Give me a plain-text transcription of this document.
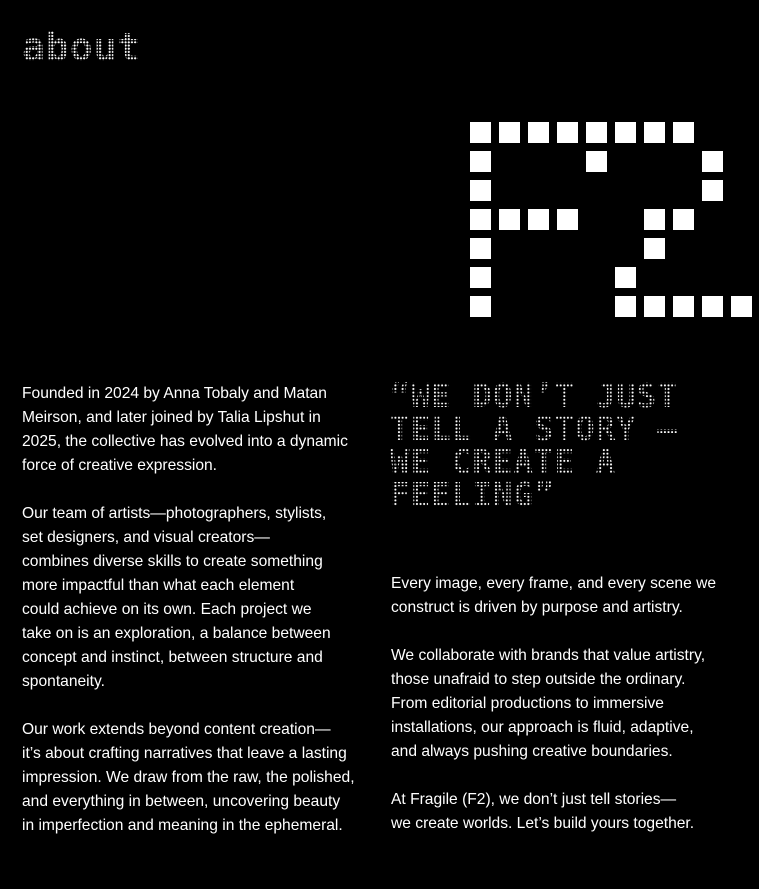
about

Founded in 2024 by Anna Tobaly and Matan
Meirson, and later joined by Talia Lipshut in
2025, the collective has evolved into a dynamic
force of creative expression.

Our team of artists—photographers, stylists,
set designers, and visual creators—
combines diverse skills to create something
more impactful than what each element
could achieve on its own. Each project we
take on is an exploration, a balance between
concept and instinct, between structure and
spontaneity.

Our work extends beyond content creation—
it’s about crafting narratives that leave a lasting
impression. We draw from the raw, the polished,
and everything in between, uncovering beauty
in imperfection and meaning in the ephemeral.

“WE DON’T JUST
TELL A STORY –
WE CREATE A
FEELING”

Every image, every frame, and every scene we
construct is driven by purpose and artistry.

We collaborate with brands that value artistry,
those unafraid to step outside the ordinary.
From editorial productions to immersive
installations, our approach is fluid, adaptive,
and always pushing creative boundaries.

At Fragile (F2), we don’t just tell stories—
we create worlds. Let’s build yours together.
